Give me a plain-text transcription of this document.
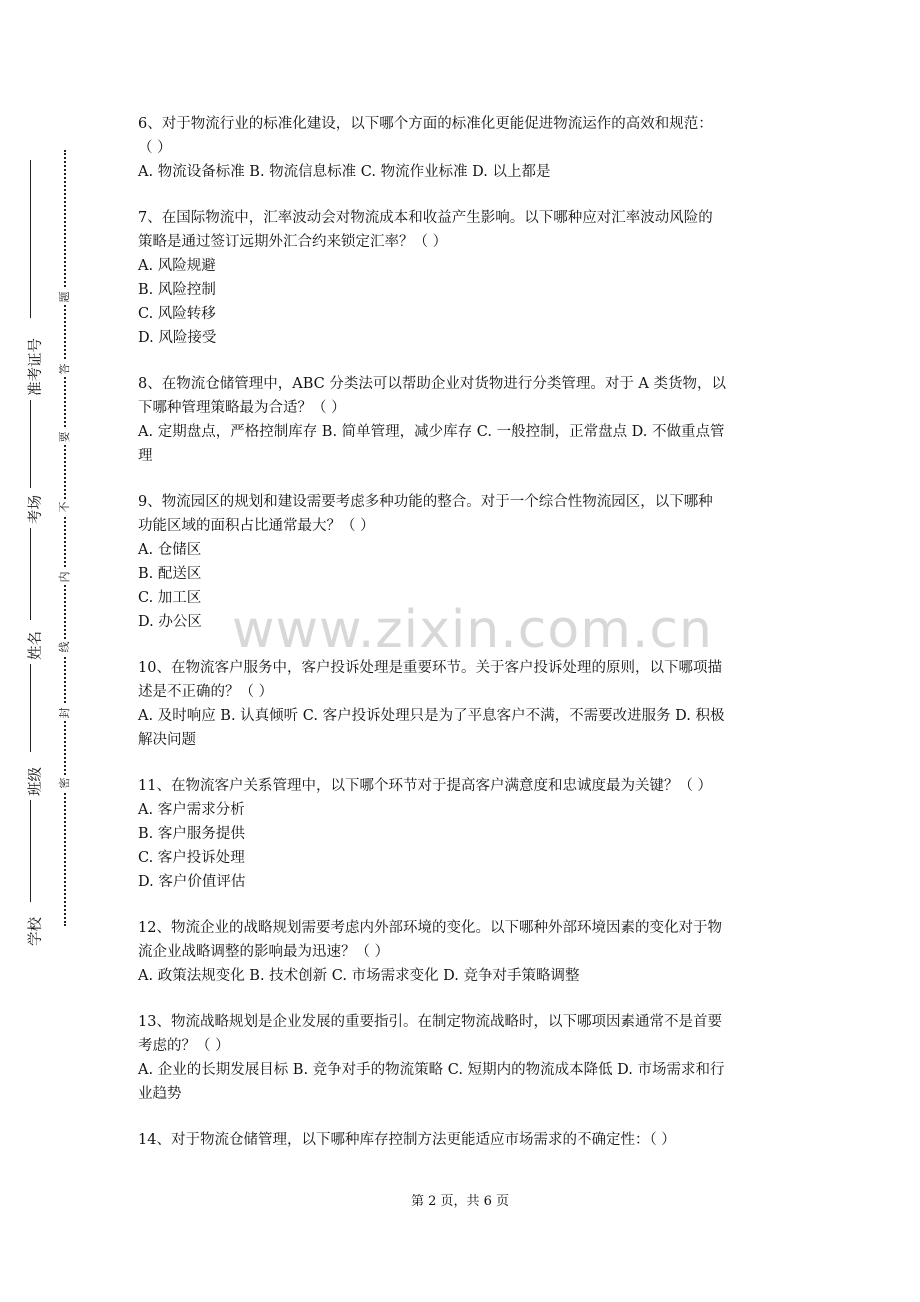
题
答
要
不
内
线
封
密
准考证号
考场
姓名
班级
学校
www.zixin.com.cn
6、对于物流行业的标准化建设，以下哪个方面的标准化更能促进物流运作的高效和规范：
（ ）
A. 物流设备标准 B. 物流信息标准 C. 物流作业标准 D. 以上都是
7、在国际物流中，汇率波动会对物流成本和收益产生影响。以下哪种应对汇率波动风险的
策略是通过签订远期外汇合约来锁定汇率？（ ）
A. 风险规避
B. 风险控制
C. 风险转移
D. 风险接受
8、在物流仓储管理中，ABC 分类法可以帮助企业对货物进行分类管理。对于 A 类货物，以
下哪种管理策略最为合适？（ ）
A. 定期盘点，严格控制库存 B. 简单管理，减少库存 C. 一般控制，正常盘点 D. 不做重点管
理
9、物流园区的规划和建设需要考虑多种功能的整合。对于一个综合性物流园区，以下哪种
功能区域的面积占比通常最大？（ ）
A. 仓储区
B. 配送区
C. 加工区
D. 办公区
10、在物流客户服务中，客户投诉处理是重要环节。关于客户投诉处理的原则，以下哪项描
述是不正确的？（ ）
A. 及时响应 B. 认真倾听 C. 客户投诉处理只是为了平息客户不满，不需要改进服务 D. 积极
解决问题
11、在物流客户关系管理中，以下哪个环节对于提高客户满意度和忠诚度最为关键？（ ）
A. 客户需求分析
B. 客户服务提供
C. 客户投诉处理
D. 客户价值评估
12、物流企业的战略规划需要考虑内外部环境的变化。以下哪种外部环境因素的变化对于物
流企业战略调整的影响最为迅速？（ ）
A. 政策法规变化 B. 技术创新 C. 市场需求变化 D. 竞争对手策略调整
13、物流战略规划是企业发展的重要指引。在制定物流战略时，以下哪项因素通常不是首要
考虑的？（ ）
A. 企业的长期发展目标 B. 竞争对手的物流策略 C. 短期内的物流成本降低 D. 市场需求和行
业趋势
14、对于物流仓储管理，以下哪种库存控制方法更能适应市场需求的不确定性：（ ）
第 2 页，共 6 页
